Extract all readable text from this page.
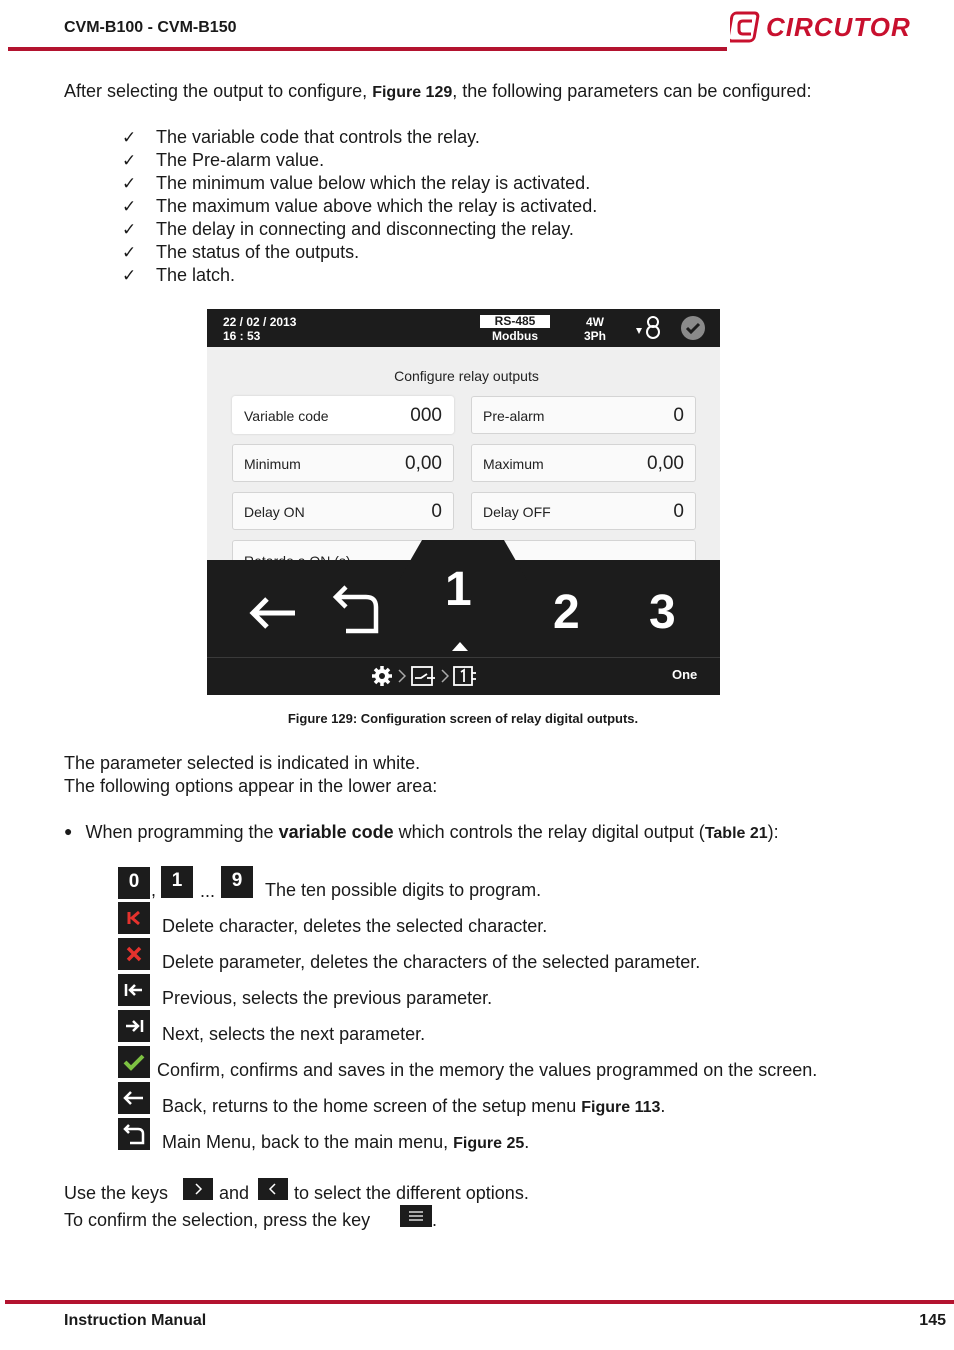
CVM-B100 - CVM-B150	CIRCUTOR
After selecting the output to configure, Figure 129, the following parameters can be configured:
✓ The variable code that controls the relay.
✓ The Pre-alarm value.
✓ The minimum value below which the relay is activated.
✓ The maximum value above which the relay is activated.
✓ The delay in connecting and disconnecting the relay.
✓ The status of the outputs.
✓ The latch.
22 / 02 / 2013
16 : 53
RS-485
Modbus
4W
3Ph
Configure relay outputs
Variable code	000	Pre-alarm	0
Minimum	0,00	Maximum	0,00
Delay ON	0	Delay OFF	0
1 2 3
One
Figure 129: Configuration screen of relay digital outputs.
The parameter selected is indicated in white.
The following options appear in the lower area:
● When programming the variable code which controls the relay digital output (Table 21):
0 , 1 ... 9	The ten possible digits to program.
Delete character, deletes the selected character.
Delete parameter, deletes the characters of the selected parameter.
Previous, selects the previous parameter.
Next, selects the next parameter.
Confirm, confirms and saves in the memory the values programmed on the screen.
Back, returns to the home screen of the setup menu Figure 113.
Main Menu, back to the main menu, Figure 25.
Use the keys	and to select the different options.
To confirm the selection, press the key	.
Instruction Manual	145
